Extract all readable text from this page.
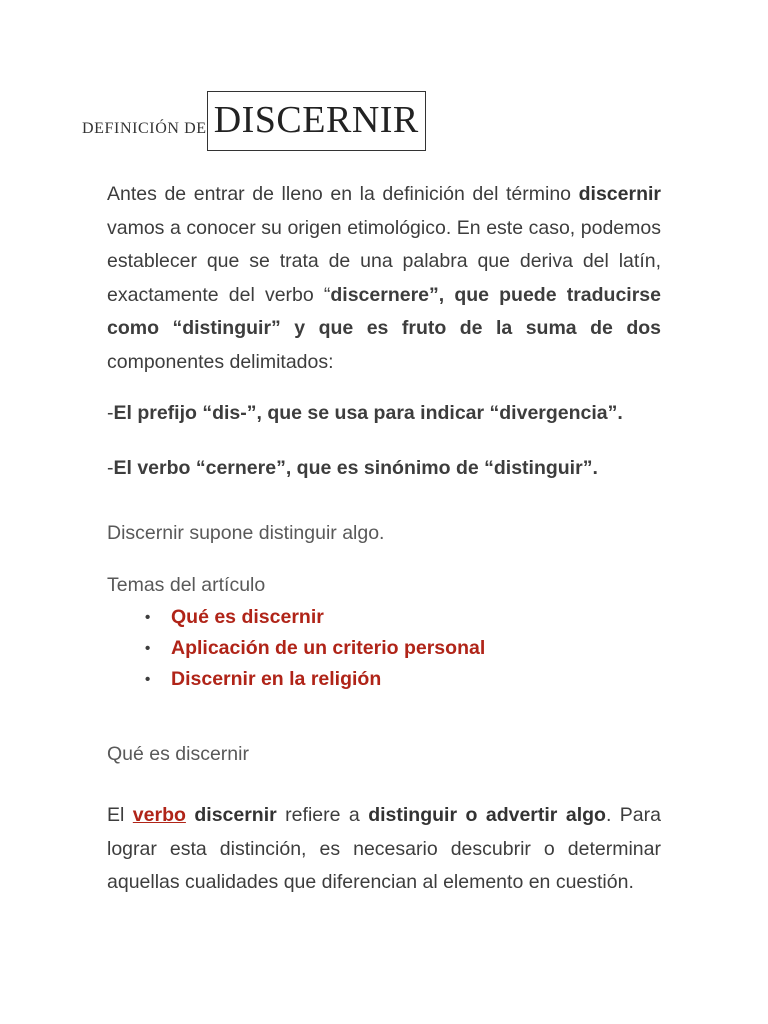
DEFINICIÓN DE DISCERNIR

Antes de entrar de lleno en la definición del término discernir vamos a conocer su origen etimológico. En este caso, podemos establecer que se trata de una palabra que deriva del latín, exactamente del verbo “discernere”, que puede traducirse como “distinguir” y que es fruto de la suma de dos componentes delimitados:

-El prefijo “dis-”, que se usa para indicar “divergencia”.
-El verbo “cernere”, que es sinónimo de “distinguir”.
Discernir supone distinguir algo.
Temas del artículo
• Qué es discernir
• Aplicación de un criterio personal
• Discernir en la religión
Qué es discernir

El verbo discernir refiere a distinguir o advertir algo. Para lograr esta distinción, es necesario descubrir o determinar aquellas cualidades que diferencian al elemento en cuestión.
